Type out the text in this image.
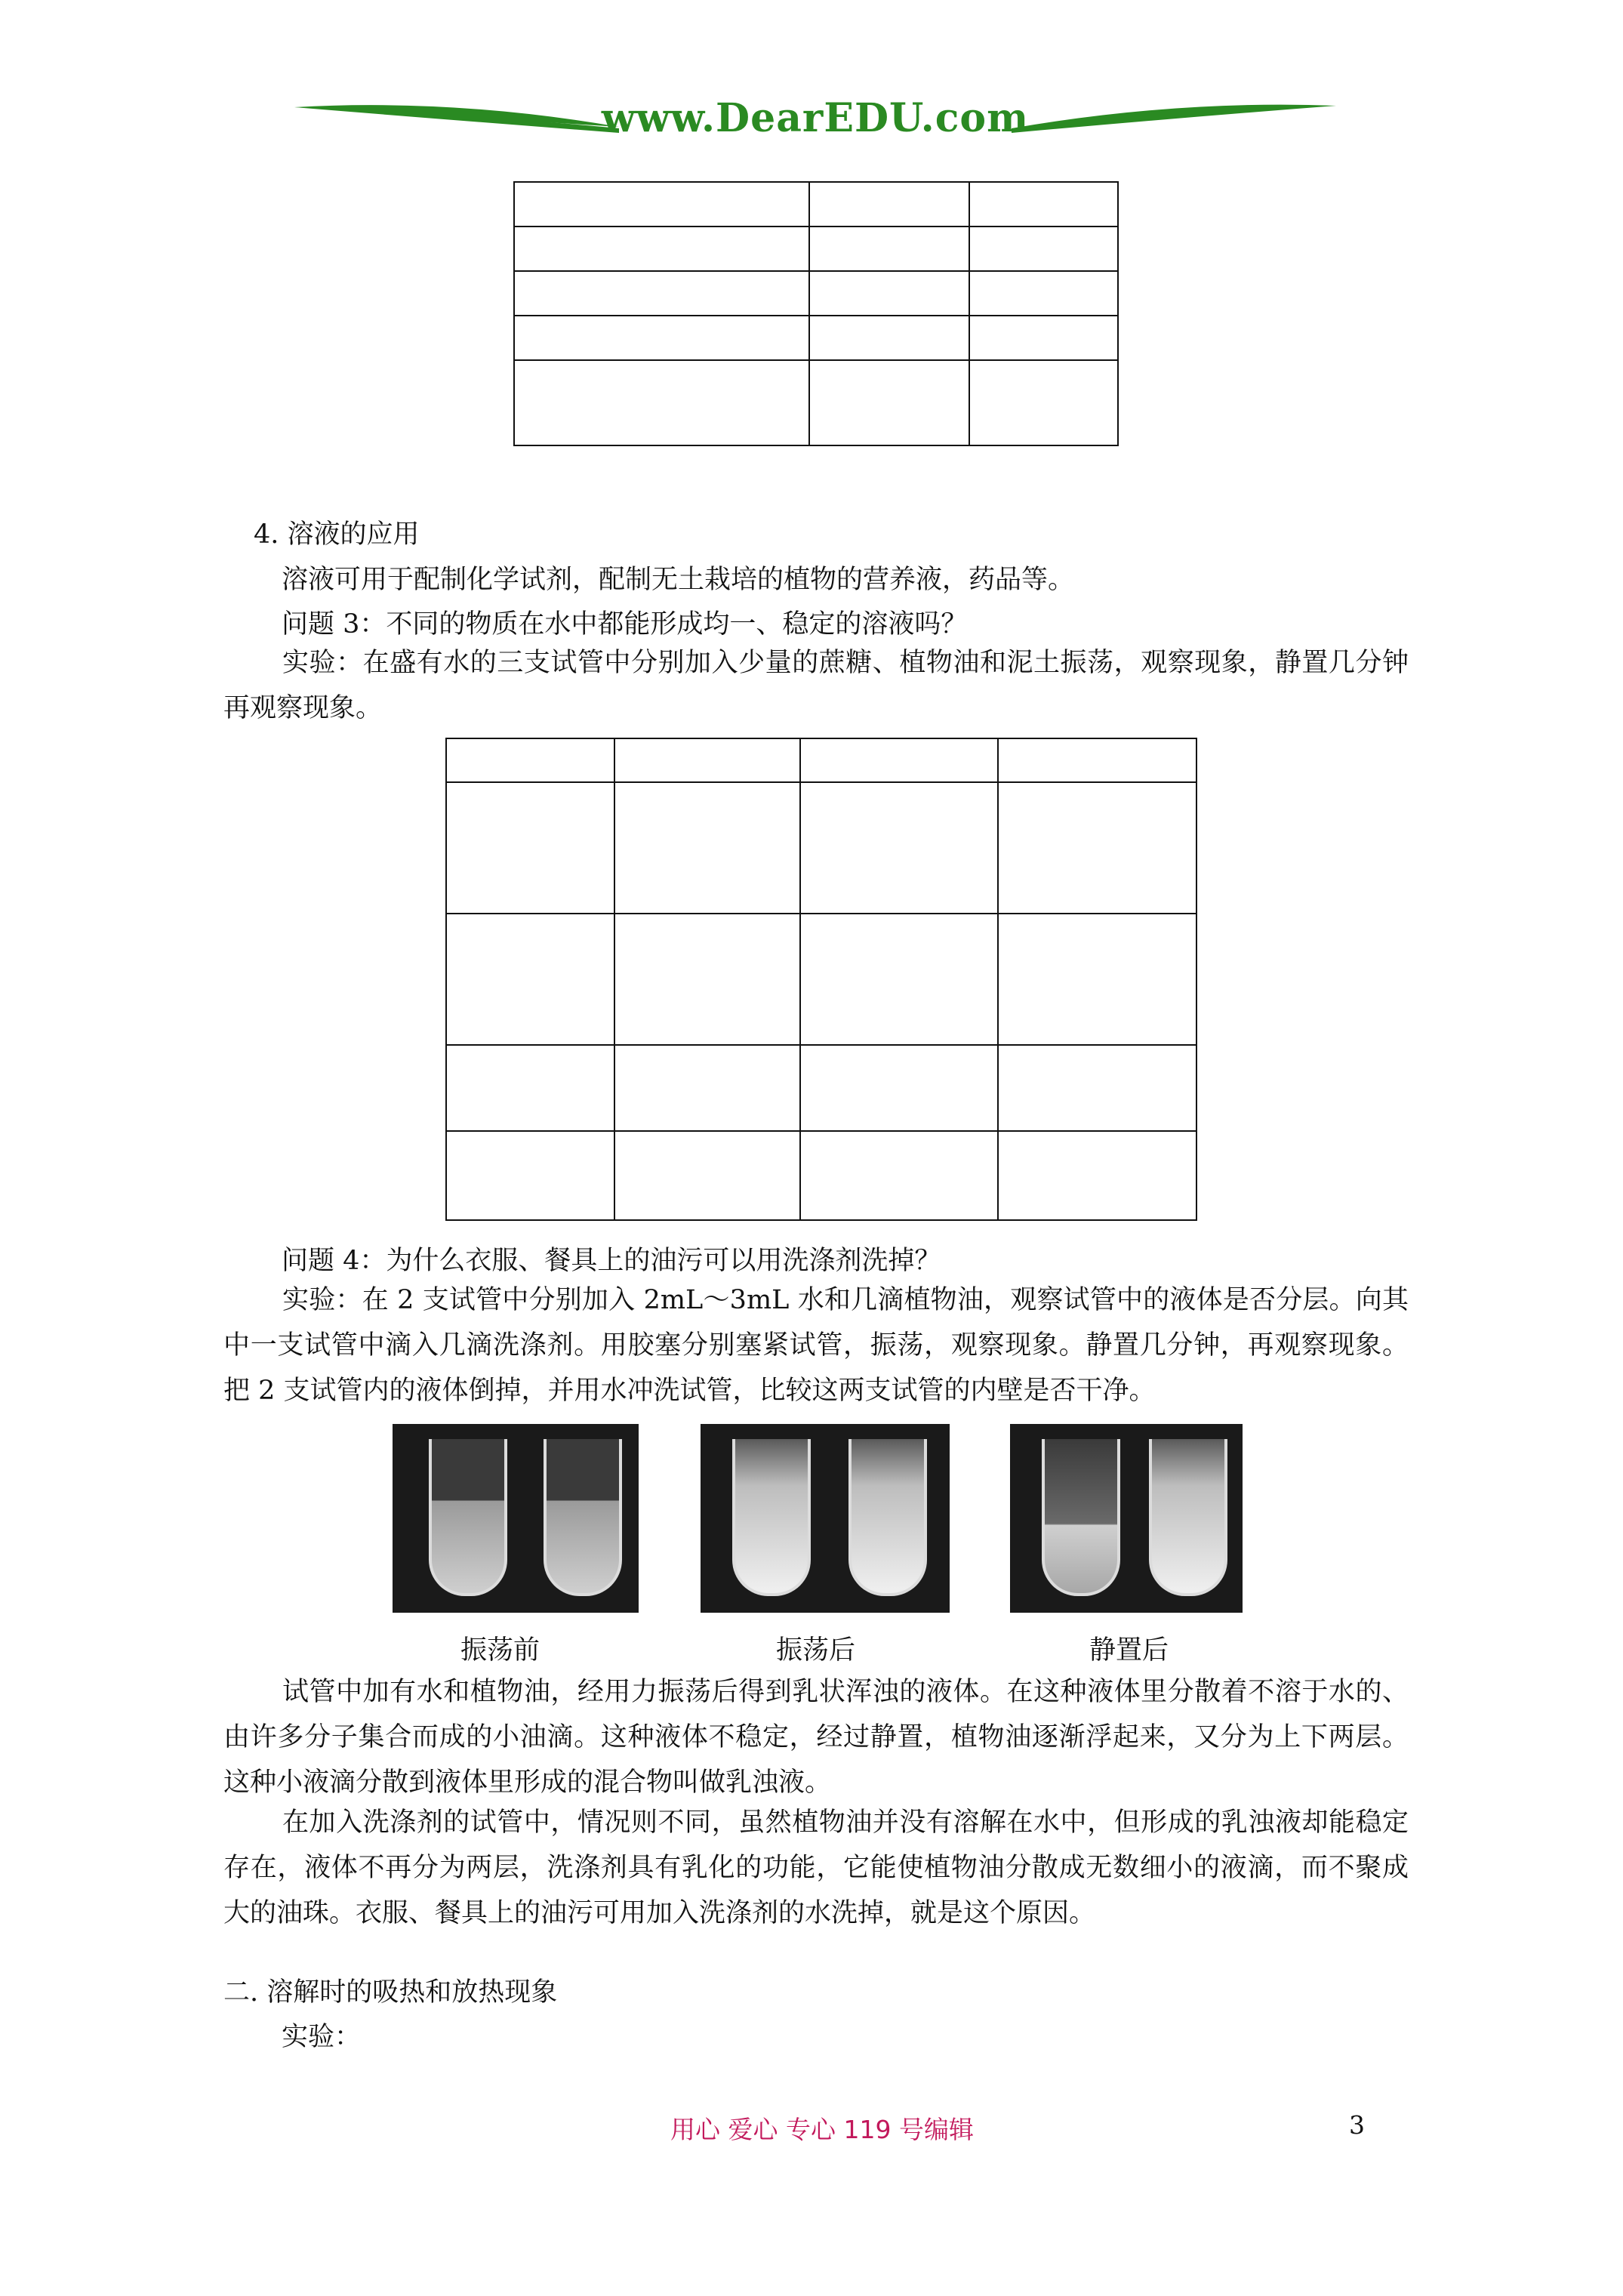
www.DearEDU.com

4. 溶液的应用
溶液可用于配制化学试剂，配制无土栽培的植物的营养液，药品等。
问题 3：不同的物质在水中都能形成均一、稳定的溶液吗？
实验：在盛有水的三支试管中分别加入少量的蔗糖、植物油和泥土振荡，观察现象，静置几分钟再观察现象。

问题 4：为什么衣服、餐具上的油污可以用洗涤剂洗掉？
实验：在 2 支试管中分别加入 2mL～3mL 水和几滴植物油，观察试管中的液体是否分层。向其中一支试管中滴入几滴洗涤剂。用胶塞分别塞紧试管，振荡，观察现象。静置几分钟，再观察现象。把 2 支试管内的液体倒掉，并用水冲洗试管，比较这两支试管的内壁是否干净。
振荡前	振荡后	静置后
试管中加有水和植物油，经用力振荡后得到乳状浑浊的液体。在这种液体里分散着不溶于水的、由许多分子集合而成的小油滴。这种液体不稳定，经过静置，植物油逐渐浮起来，又分为上下两层。这种小液滴分散到液体里形成的混合物叫做乳浊液。
在加入洗涤剂的试管中，情况则不同，虽然植物油并没有溶解在水中，但形成的乳浊液却能稳定存在，液体不再分为两层，洗涤剂具有乳化的功能，它能使植物油分散成无数细小的液滴，而不聚成大的油珠。衣服、餐具上的油污可用加入洗涤剂的水洗掉，就是这个原因。
二. 溶解时的吸热和放热现象
实验：
用心 爱心 专心 119 号编辑	3
